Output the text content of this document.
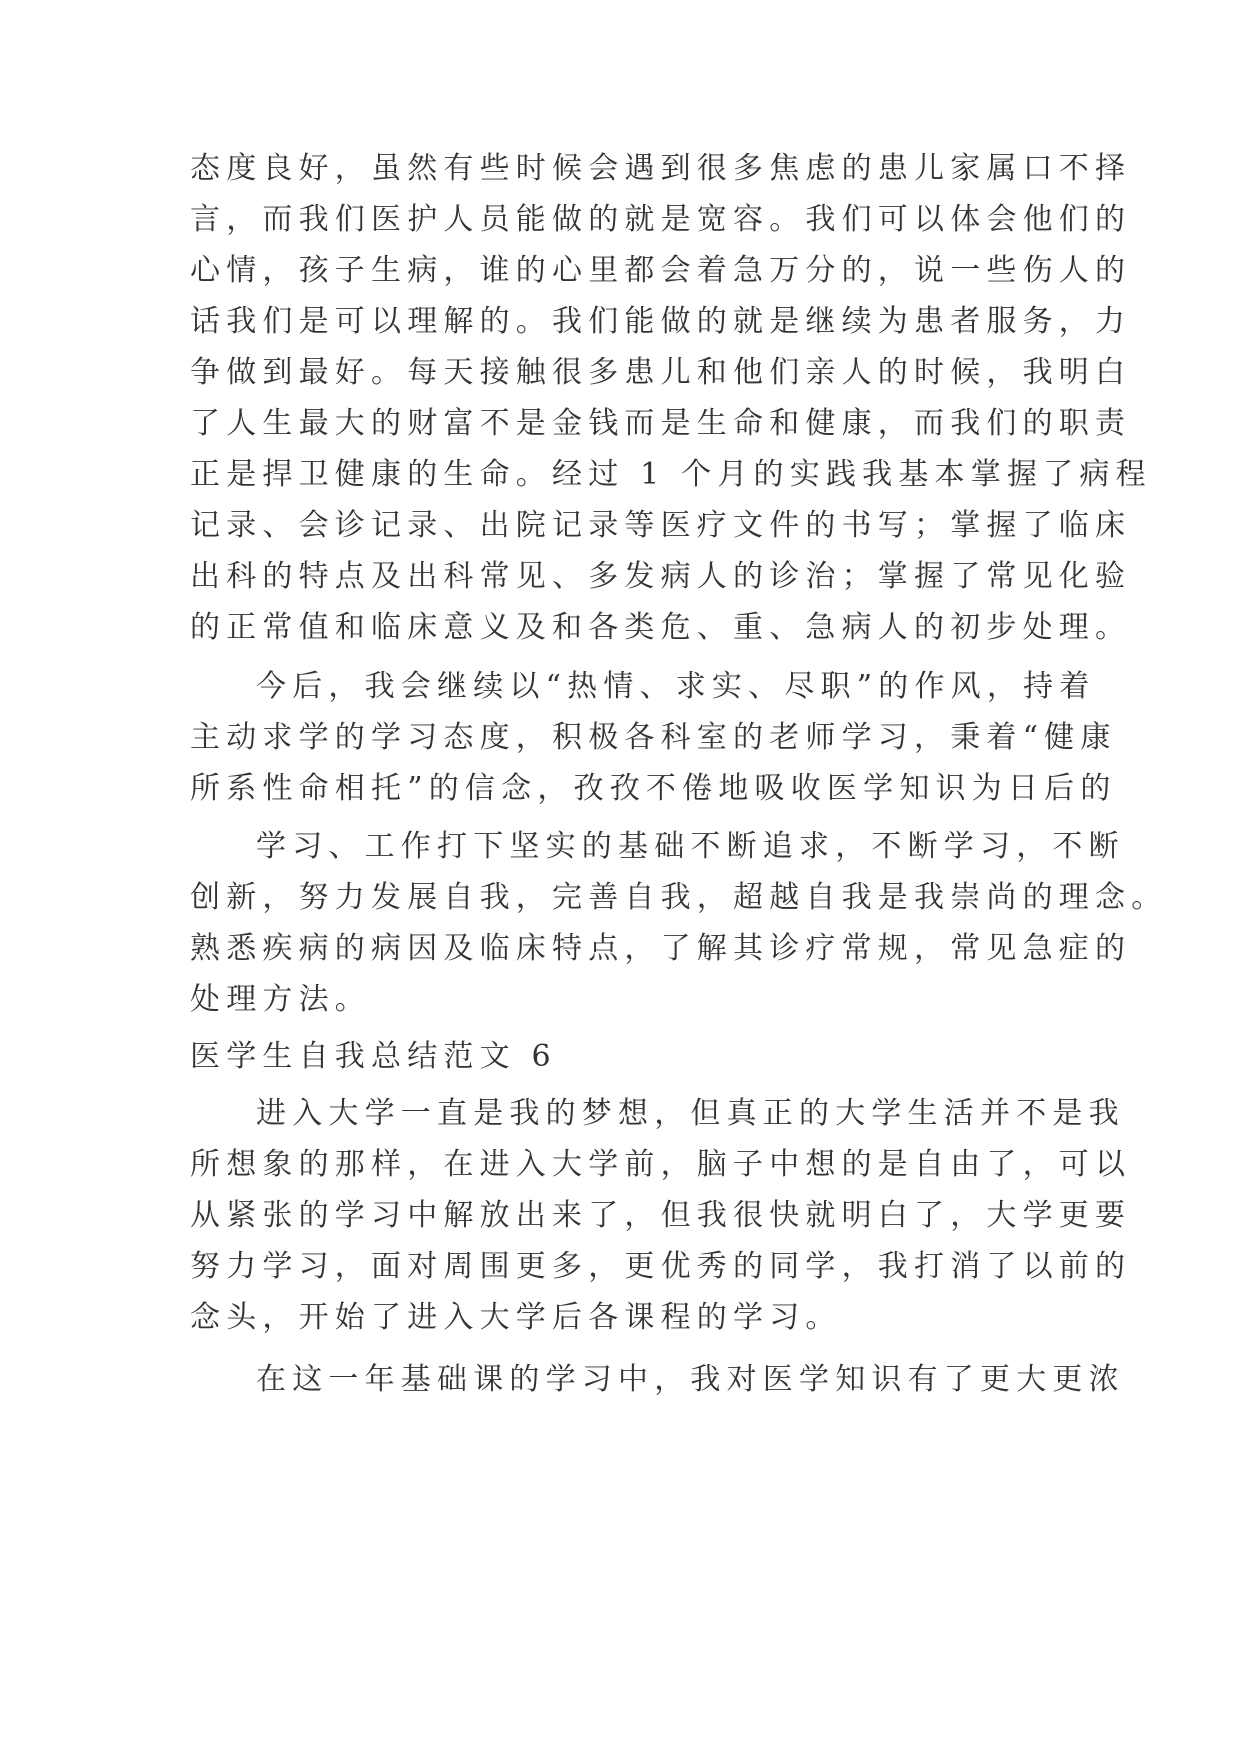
态度良好，虽然有些时候会遇到很多焦虑的患儿家属口不择
言，而我们医护人员能做的就是宽容。我们可以体会他们的
心情，孩子生病，谁的心里都会着急万分的，说一些伤人的
话我们是可以理解的。我们能做的就是继续为患者服务，力
争做到最好。每天接触很多患儿和他们亲人的时候，我明白
了人生最大的财富不是金钱而是生命和健康，而我们的职责
正是捍卫健康的生命。经过 1 个月的实践我基本掌握了病程
记录、会诊记录、出院记录等医疗文件的书写；掌握了临床
出科的特点及出科常见、多发病人的诊治；掌握了常见化验
的正常值和临床意义及和各类危、重、急病人的初步处理。
今后，我会继续以“热情、求实、尽职”的作风，持着
主动求学的学习态度，积极各科室的老师学习，秉着“健康
所系性命相托”的信念，孜孜不倦地吸收医学知识为日后的
学习、工作打下坚实的基础不断追求，不断学习，不断
创新，努力发展自我，完善自我，超越自我是我崇尚的理念。
熟悉疾病的病因及临床特点，了解其诊疗常规，常见急症的
处理方法。
医学生自我总结范文 6
进入大学一直是我的梦想，但真正的大学生活并不是我
所想象的那样，在进入大学前，脑子中想的是自由了，可以
从紧张的学习中解放出来了，但我很快就明白了，大学更要
努力学习，面对周围更多，更优秀的同学，我打消了以前的
念头，开始了进入大学后各课程的学习。
在这一年基础课的学习中，我对医学知识有了更大更浓
